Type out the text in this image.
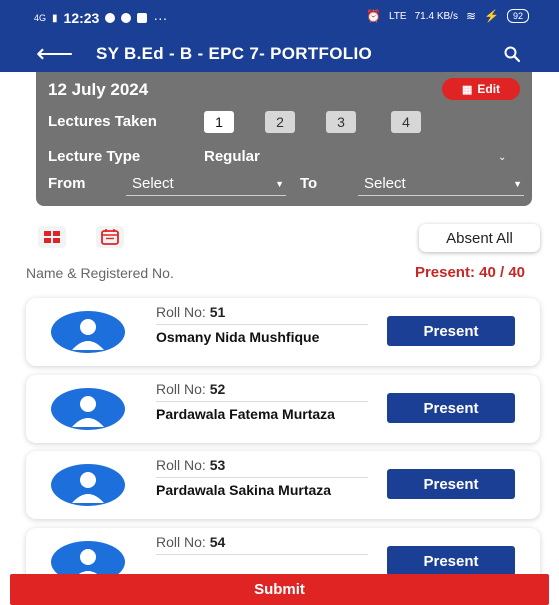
4G ▮ 12:23	···	⏰ LTE 71.4 KB/s ≋ ⚡	92
⟵ SY B.Ed - B - EPC 7- PORTFOLIO
12 July 2024	▦ Edit
Lectures Taken	1	2	3	4
Lecture Type	Regular	⌄
From	Select	▼ To	Select	▼
Absent All
Name & Registered No.	Present: 40 / 40
Roll No: 51
Osmany Nida Mushfique	Present
Roll No: 52
Pardawala Fatema Murtaza	Present
Roll No: 53
Pardawala Sakina Murtaza	Present
Roll No: 54
Present
Submit
